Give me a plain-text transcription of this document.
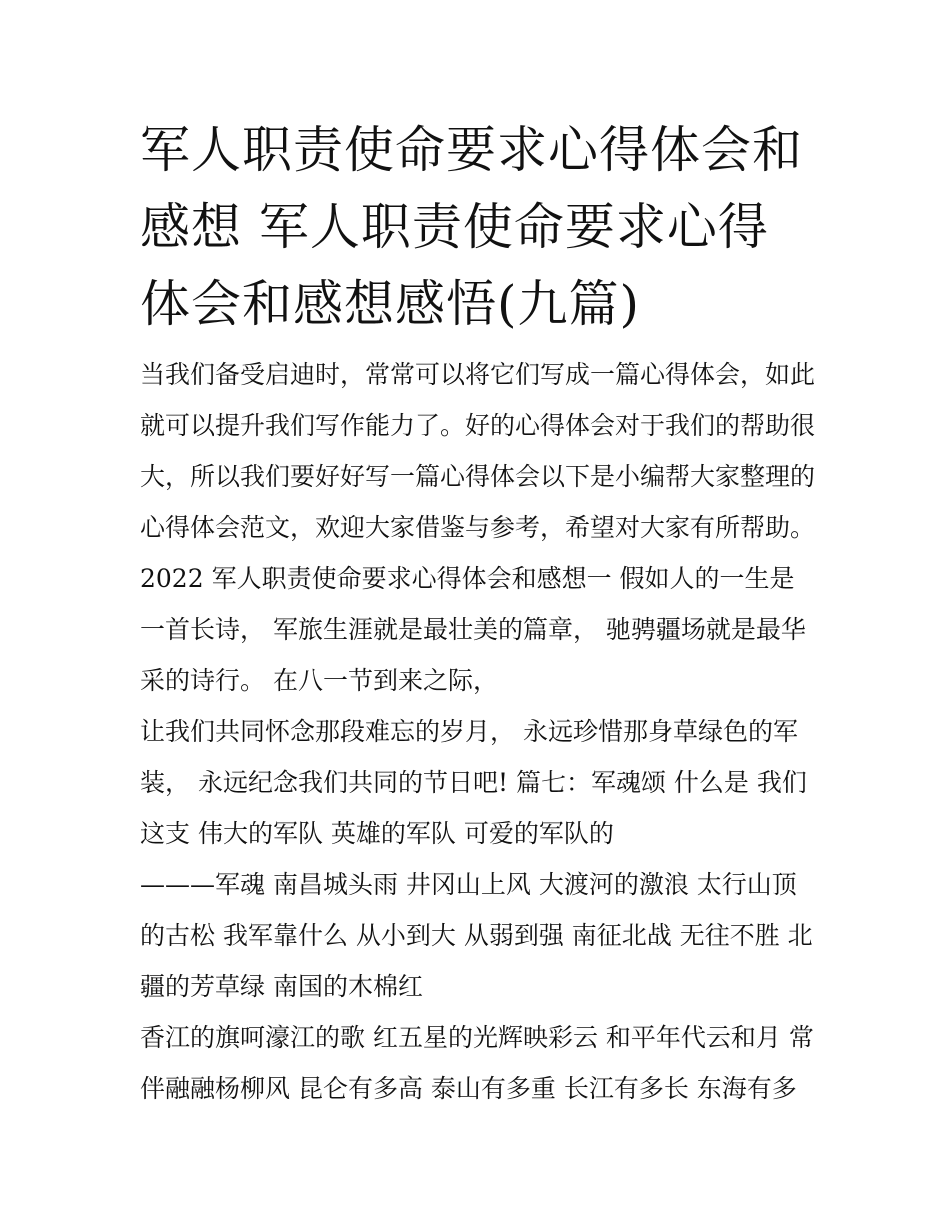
军人职责使命要求心得体会和感想 军人职责使命要求心得体会和感想感悟(九篇)

当我们备受启迪时，常常可以将它们写成一篇心得体会，如此就可以提升我们写作能力了。好的心得体会对于我们的帮助很大，所以我们要好好写一篇心得体会以下是小编帮大家整理的心得体会范文，欢迎大家借鉴与参考，希望对大家有所帮助。

2022 军人职责使命要求心得体会和感想一 假如人的一生是一首长诗， 军旅生涯就是最壮美的篇章， 驰骋疆场就是最华采的诗行。 在八一节到来之际，

让我们共同怀念那段难忘的岁月， 永远珍惜那身草绿色的军装， 永远纪念我们共同的节日吧! 篇七：军魂颂 什么是 我们这支 伟大的军队 英雄的军队 可爱的军队的

———军魂 南昌城头雨 井冈山上风 大渡河的激浪 太行山顶的古松 我军靠什么 从小到大 从弱到强 南征北战 无往不胜 北疆的芳草绿 南国的木棉红

香江的旗呵濠江的歌 红五星的光辉映彩云 和平年代云和月 常伴融融杨柳风 昆仑有多高 泰山有多重 长江有多长 东海有多
